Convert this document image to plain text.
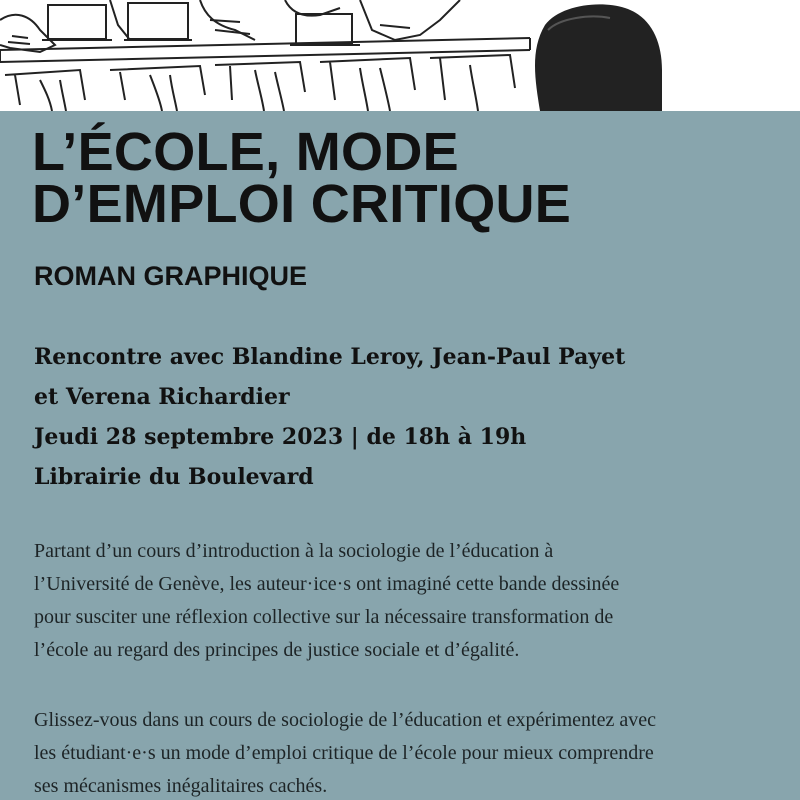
L’ÉCOLE, MODE
D’EMPLOI CRITIQUE
ROMAN GRAPHIQUE
Rencontre avec Blandine Leroy, Jean-Paul Payet
et Verena Richardier
Jeudi 28 septembre 2023 | de 18h à 19h
Librairie du Boulevard

Partant d’un cours d’introduction à la sociologie de l’éducation à
l’Université de Genève, les auteur·ice·s ont imaginé cette bande dessinée
pour susciter une réflexion collective sur la nécessaire transformation de
l’école au regard des principes de justice sociale et d’égalité.

Glissez-vous dans un cours de sociologie de l’éducation et expérimentez avec
les étudiant·e·s un mode d’emploi critique de l’école pour mieux comprendre
ses mécanismes inégalitaires cachés.
